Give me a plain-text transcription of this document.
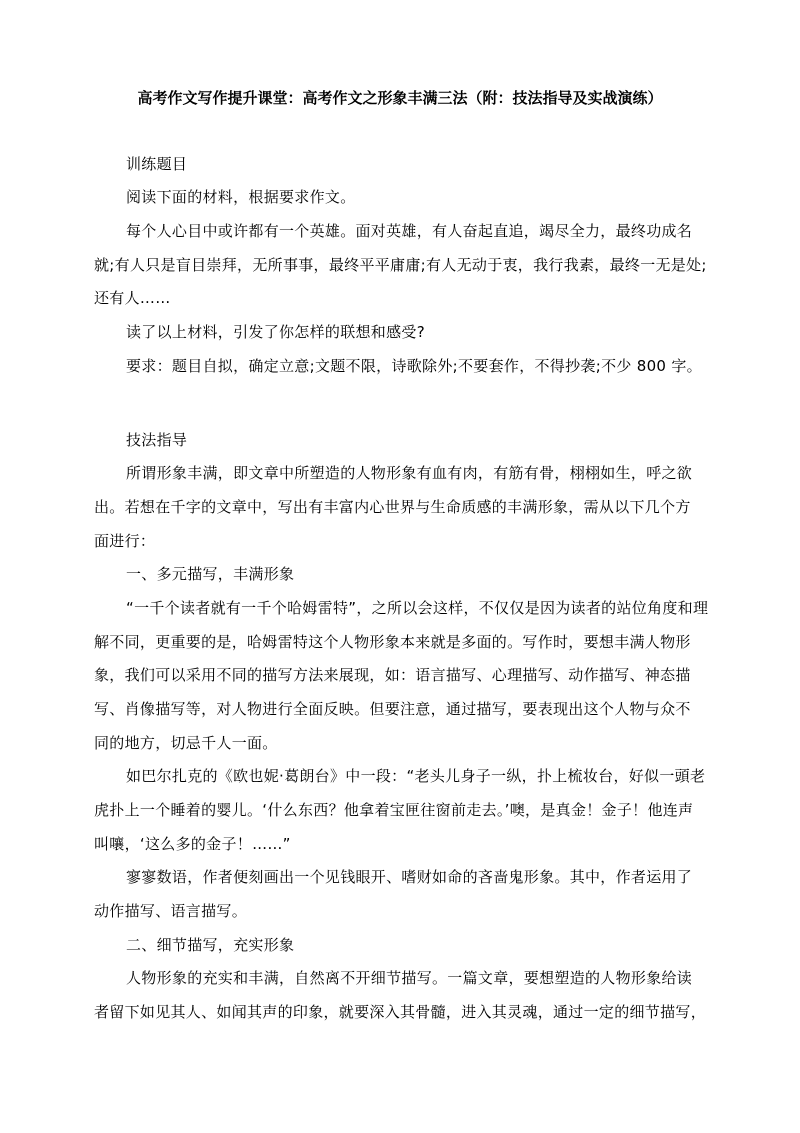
高考作文写作提升课堂：高考作文之形象丰满三法（附：技法指导及实战演练）
训练题目
阅读下面的材料，根据要求作文。
每个人心目中或许都有一个英雄。面对英雄，有人奋起直追，竭尽全力，最终功成名
就;有人只是盲目崇拜，无所事事，最终平平庸庸;有人无动于衷，我行我素，最终一无是处;
还有人……
读了以上材料，引发了你怎样的联想和感受?
要求：题目自拟，确定立意;文题不限，诗歌除外;不要套作，不得抄袭;不少 800 字。
技法指导
所谓形象丰满，即文章中所塑造的人物形象有血有肉，有筋有骨，栩栩如生，呼之欲
出。若想在千字的文章中，写出有丰富内心世界与生命质感的丰满形象，需从以下几个方
面进行：
一、多元描写，丰满形象
“一千个读者就有一千个哈姆雷特”，之所以会这样，不仅仅是因为读者的站位角度和理
解不同，更重要的是，哈姆雷特这个人物形象本来就是多面的。写作时，要想丰满人物形
象，我们可以采用不同的描写方法来展现，如：语言描写、心理描写、动作描写、神态描
写、肖像描写等，对人物进行全面反映。但要注意，通过描写，要表现出这个人物与众不
同的地方，切忌千人一面。
如巴尔扎克的《欧也妮·葛朗台》中一段：“老头儿身子一纵，扑上梳妆台，好似一頭老
虎扑上一个睡着的婴儿。‘什么东西？他拿着宝匣往窗前走去。’噢，是真金！金子！他连声
叫嚷，‘这么多的金子！……”
寥寥数语，作者便刻画出一个见钱眼开、嗜财如命的吝啬鬼形象。其中，作者运用了
动作描写、语言描写。
二、细节描写，充实形象
人物形象的充实和丰满，自然离不开细节描写。一篇文章，要想塑造的人物形象给读
者留下如见其人、如闻其声的印象，就要深入其骨髓，进入其灵魂，通过一定的细节描写，
